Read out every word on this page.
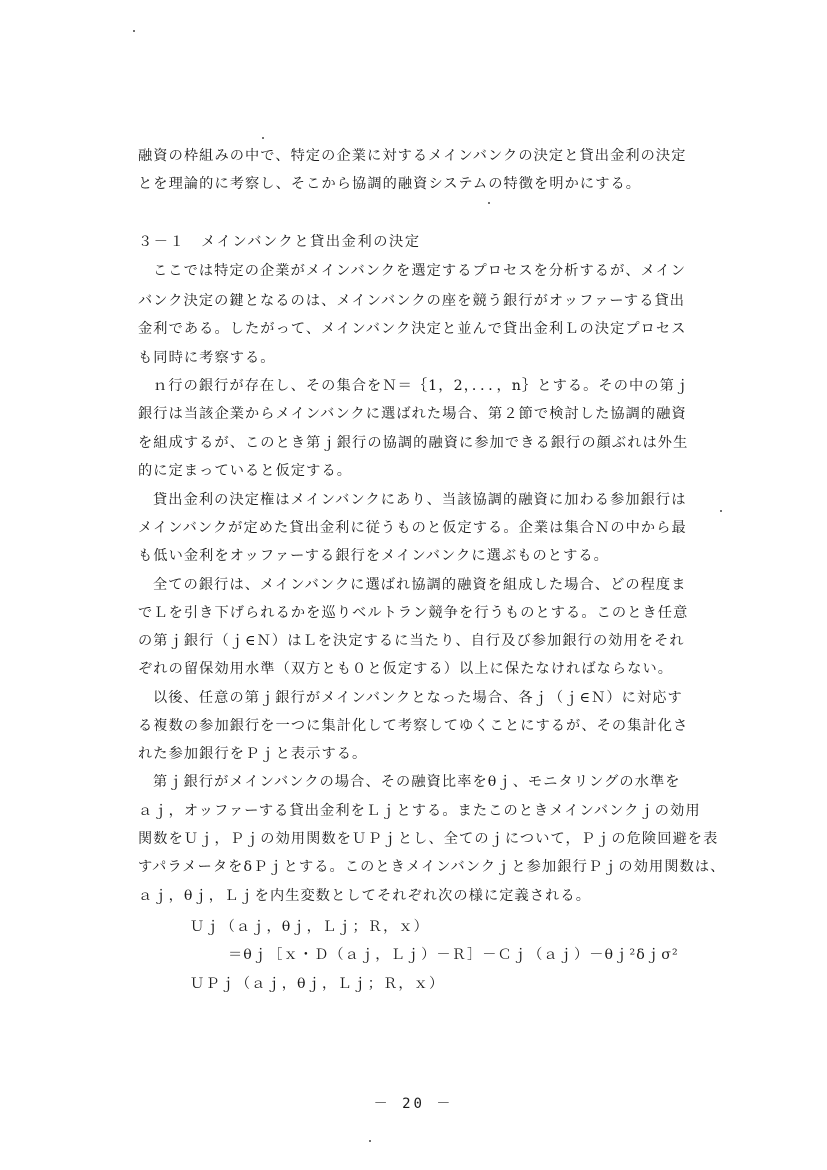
融資の枠組みの中で、特定の企業に対するメインバンクの決定と貸出金利の決定

とを理論的に考察し、そこから協調的融資システムの特徴を明かにする。

３－１　メインバンクと貸出金利の決定

ここでは特定の企業がメインバンクを選定するプロセスを分析するが、メイン

バンク決定の鍵となるのは、メインバンクの座を競う銀行がオッファーする貸出

金利である。したがって、メインバンク決定と並んで貸出金利Ｌの決定プロセス

も同時に考察する。

ｎ行の銀行が存在し、その集合をＮ＝｛1，2，．．．，n｝とする。その中の第ｊ

銀行は当該企業からメインバンクに選ばれた場合、第２節で検討した協調的融資

を組成するが、このとき第ｊ銀行の協調的融資に参加できる銀行の顔ぶれは外生

的に定まっていると仮定する。

貸出金利の決定権はメインバンクにあり、当該協調的融資に加わる参加銀行は

メインバンクが定めた貸出金利に従うものと仮定する。企業は集合Ｎの中から最

も低い金利をオッファーする銀行をメインバンクに選ぶものとする。

全ての銀行は、メインバンクに選ばれ協調的融資を組成した場合、どの程度ま

でＬを引き下げられるかを巡りベルトラン競争を行うものとする。このとき任意

の第ｊ銀行（ｊ∈Ｎ）はＬを決定するに当たり、自行及び参加銀行の効用をそれ

ぞれの留保効用水準（双方とも０と仮定する）以上に保たなければならない。

以後、任意の第ｊ銀行がメインバンクとなった場合、各ｊ（ｊ∈Ｎ）に対応す

る複数の参加銀行を一つに集計化して考察してゆくことにするが、その集計化さ

れた参加銀行をＰｊと表示する。

第ｊ銀行がメインバンクの場合、その融資比率をθｊ、モニタリングの水準を

ａｊ，オッファーする貸出金利をＬｊとする。またこのときメインバンクｊの効用

関数をＵｊ，Ｐｊの効用関数をＵＰｊとし、全てのｊについて，Ｐｊの危険回避を表

すパラメータをδＰｊとする。このときメインバンクｊと参加銀行Ｐｊの効用関数は、

ａｊ，θｊ，Ｌｊを内生変数としてそれぞれ次の様に定義される。

Ｕｊ（ａｊ，θｊ，Ｌｊ；Ｒ，ｘ）

＝θｊ［ｘ・Ｄ（ａｊ，Ｌｊ）－Ｒ］－Ｃｊ（ａｊ）－θｊ²δｊσ²

ＵＰｊ（ａｊ，θｊ，Ｌｊ；Ｒ，ｘ）

－ 20 －
